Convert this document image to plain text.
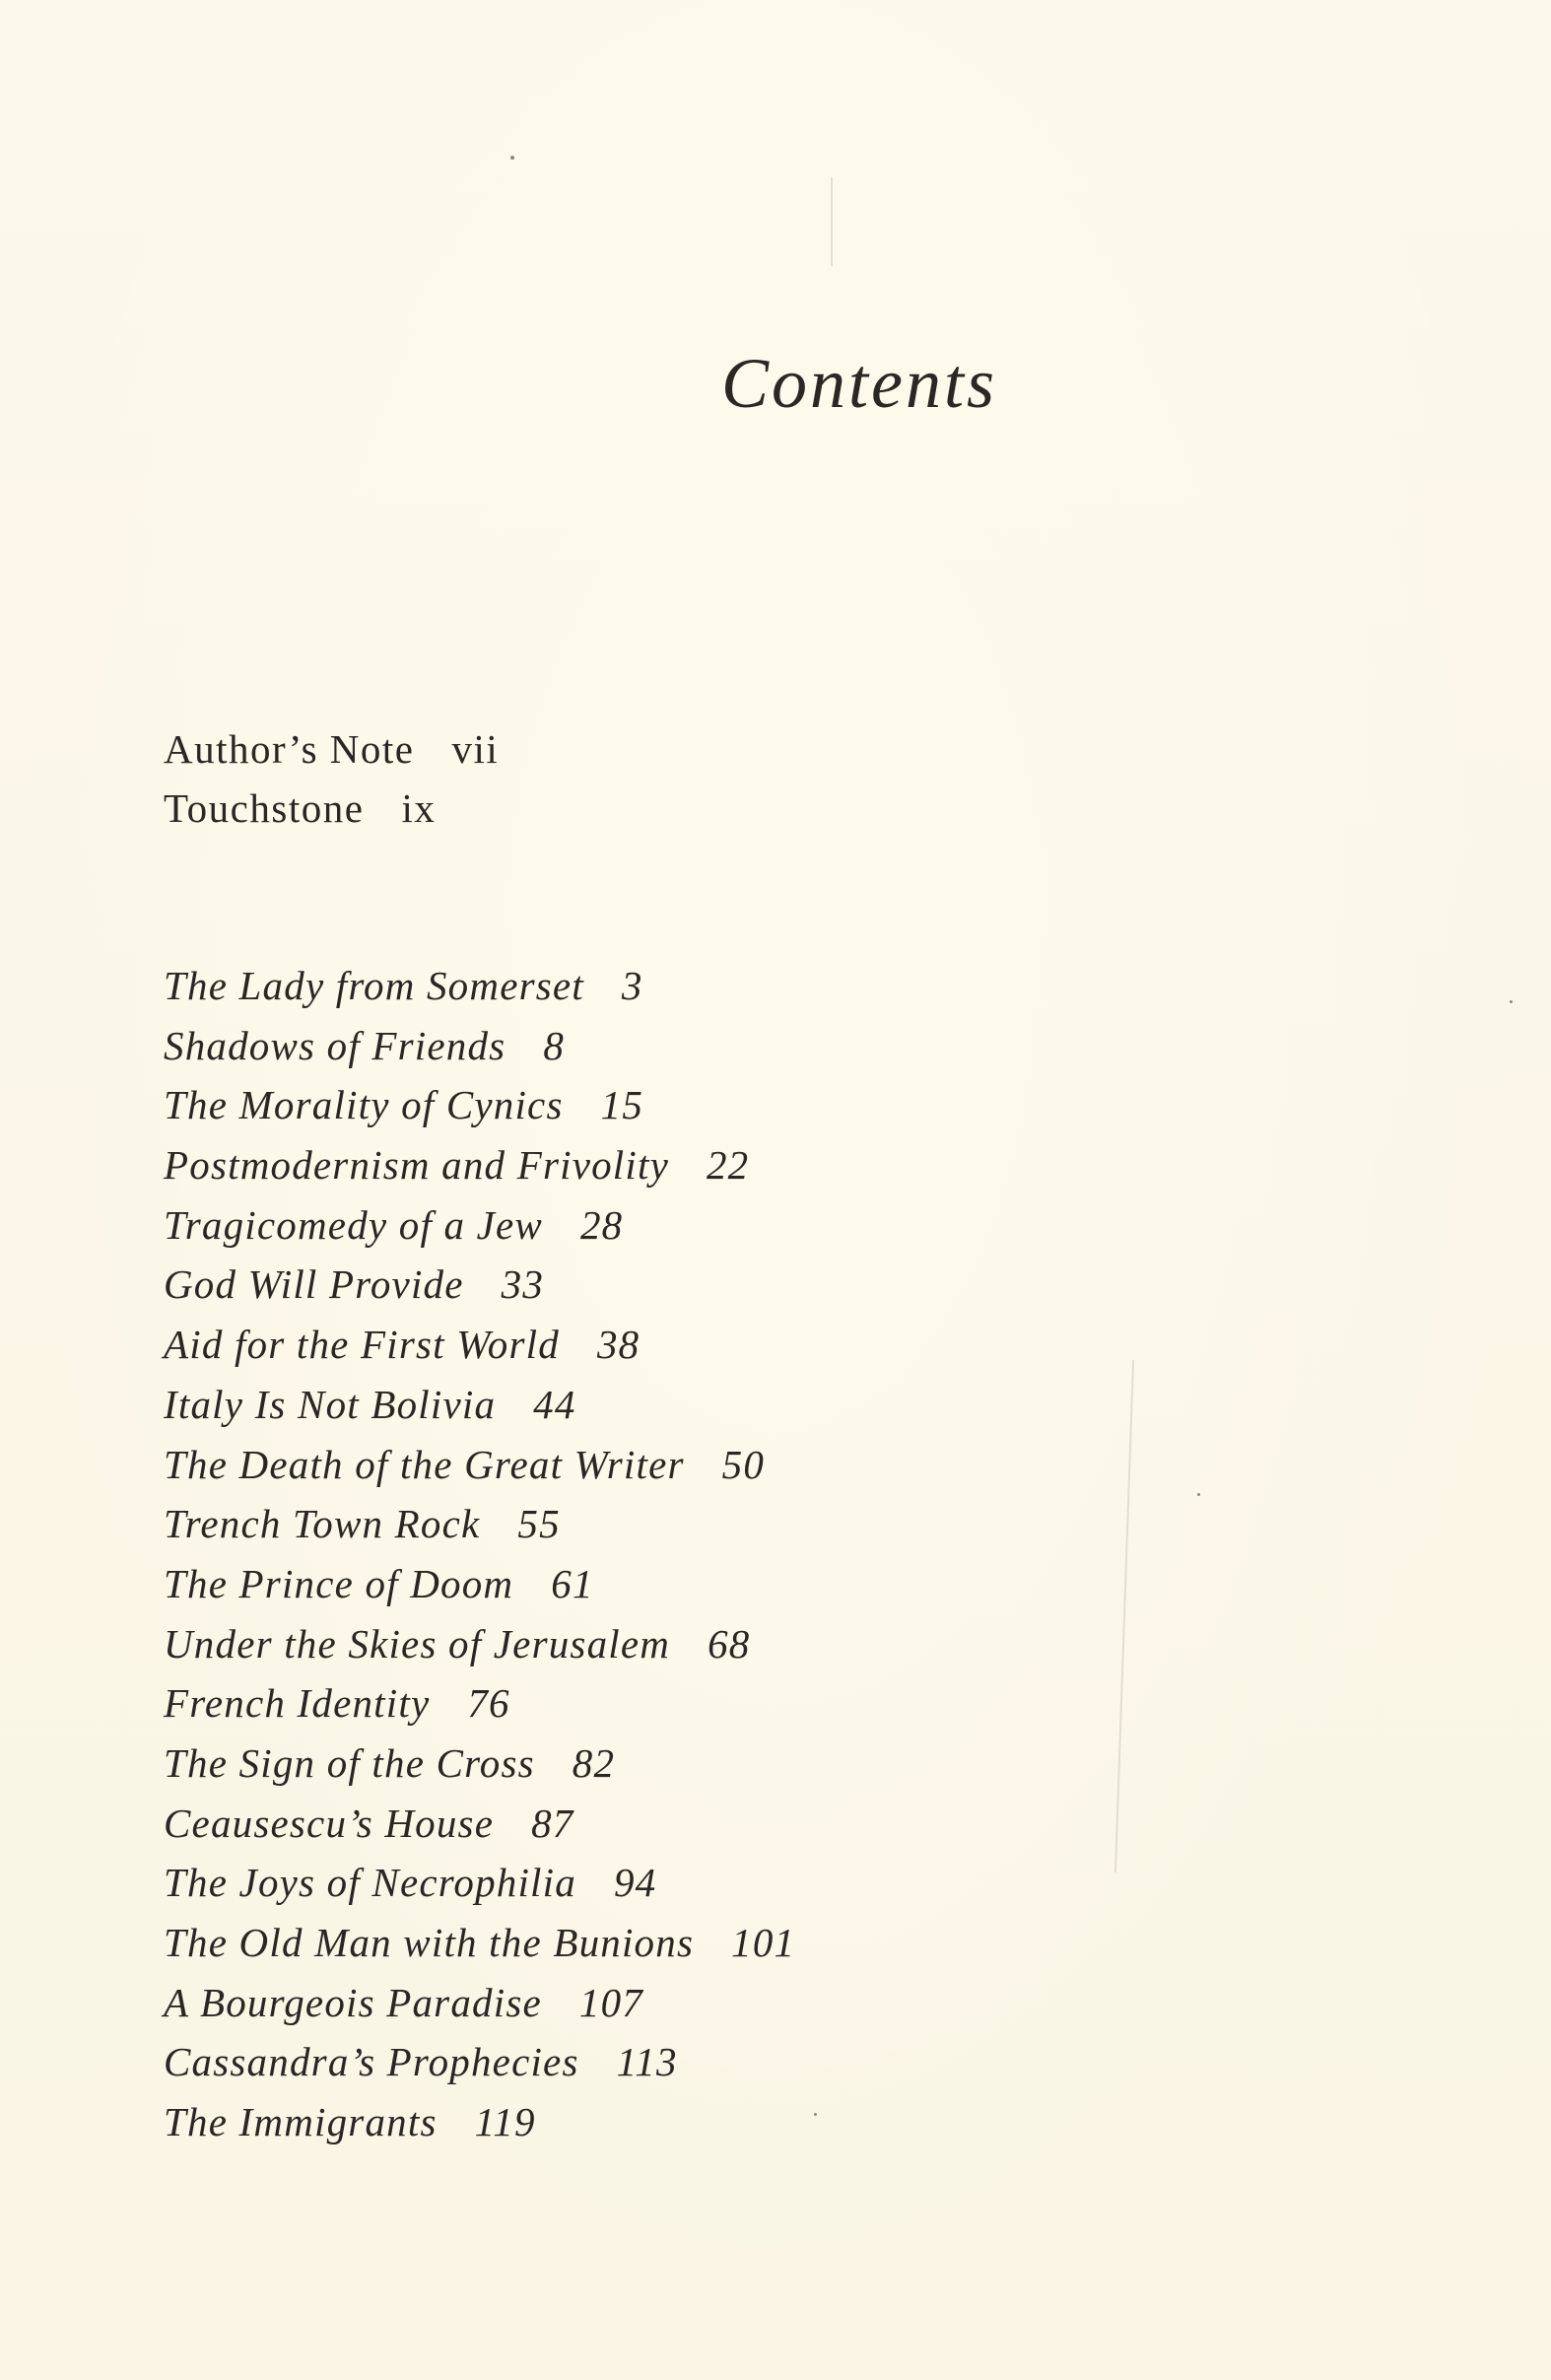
Contents
Author’s Note vii
Touchstone ix
The Lady from Somerset 3
Shadows of Friends 8
The Morality of Cynics 15
Postmodernism and Frivolity 22
Tragicomedy of a Jew 28
God Will Provide 33
Aid for the First World 38
Italy Is Not Bolivia 44
The Death of the Great Writer 50
Trench Town Rock 55
The Prince of Doom 61
Under the Skies of Jerusalem 68
French Identity 76
The Sign of the Cross 82
Ceausescu’s House 87
The Joys of Necrophilia 94
The Old Man with the Bunions 101
A Bourgeois Paradise 107
Cassandra’s Prophecies 113
The Immigrants 119
